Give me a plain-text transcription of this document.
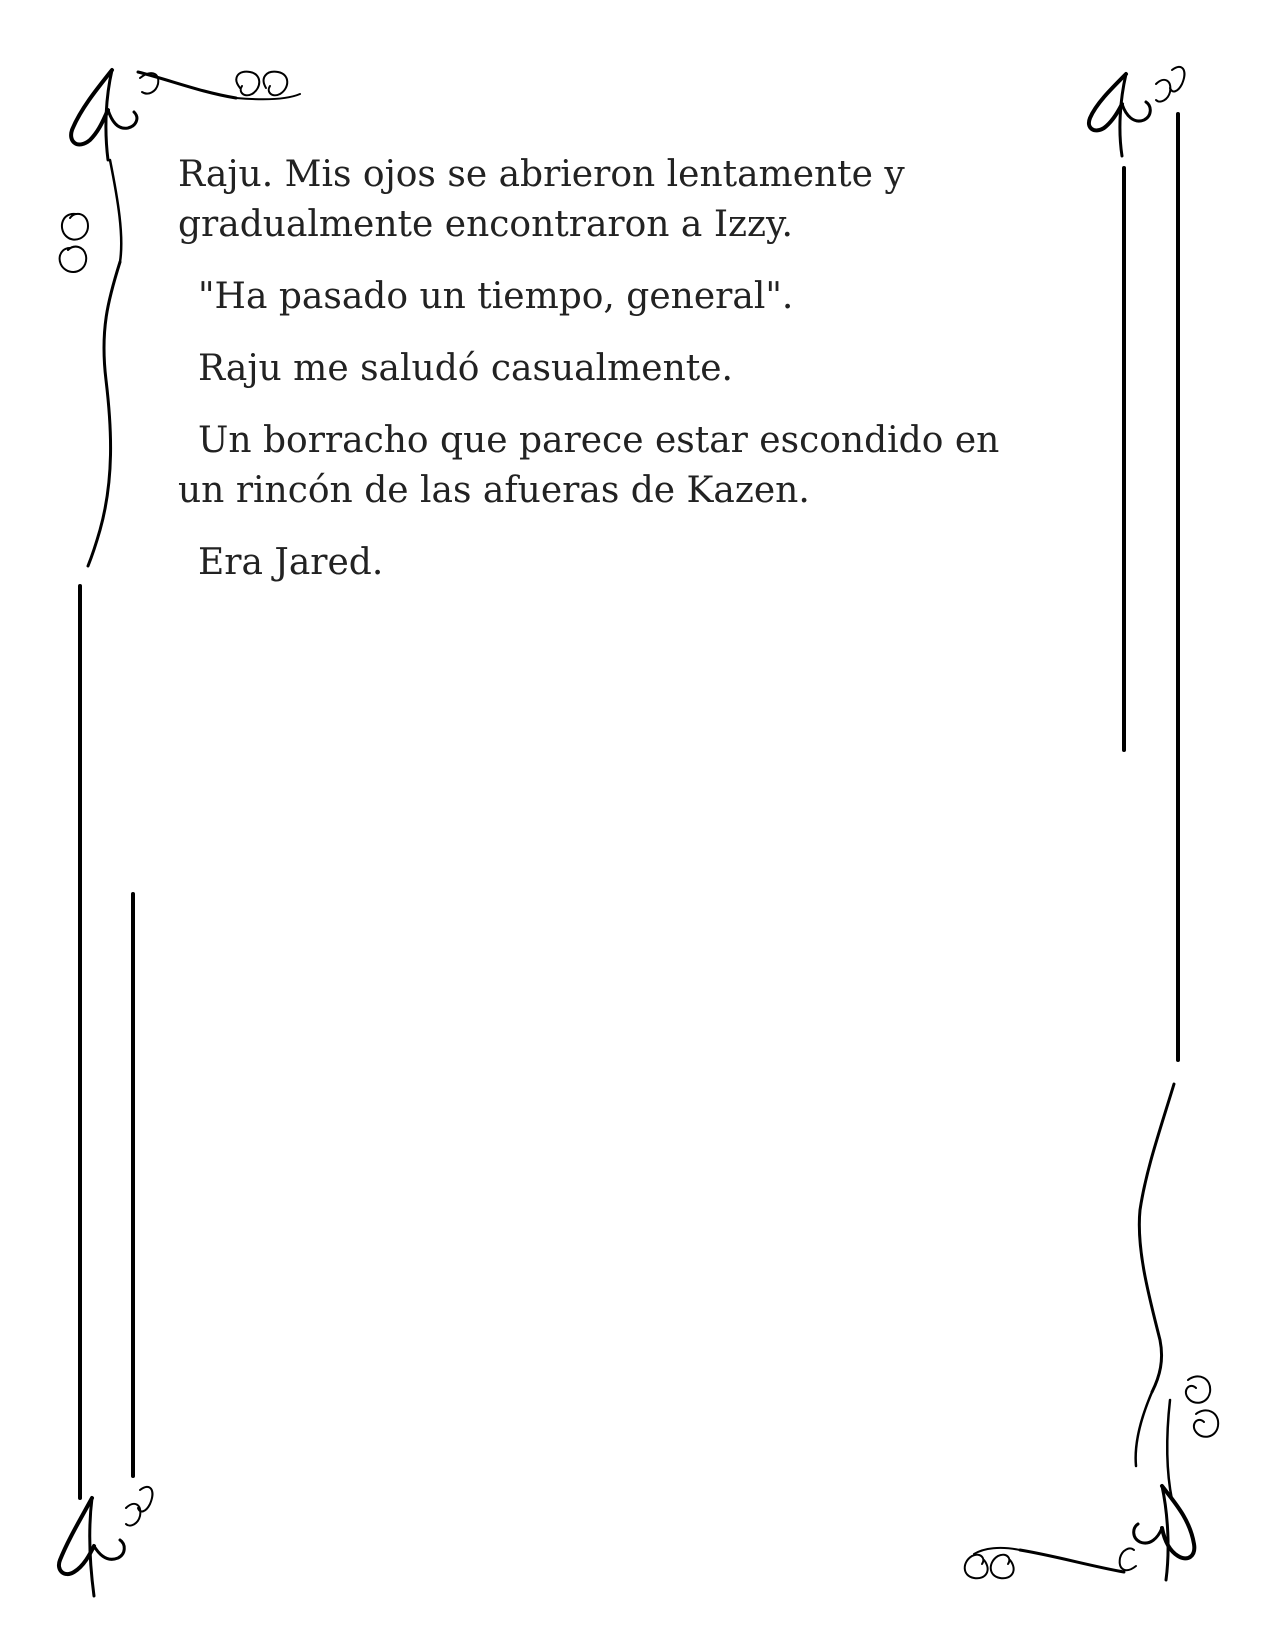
Raju. Mis ojos se abrieron lentamente y
gradualmente encontraron a Izzy.

"Ha pasado un tiempo, general".

Raju me saludó casualmente.

Un borracho que parece estar escondido en
un rincón de las afueras de Kazen.

Era Jared.
